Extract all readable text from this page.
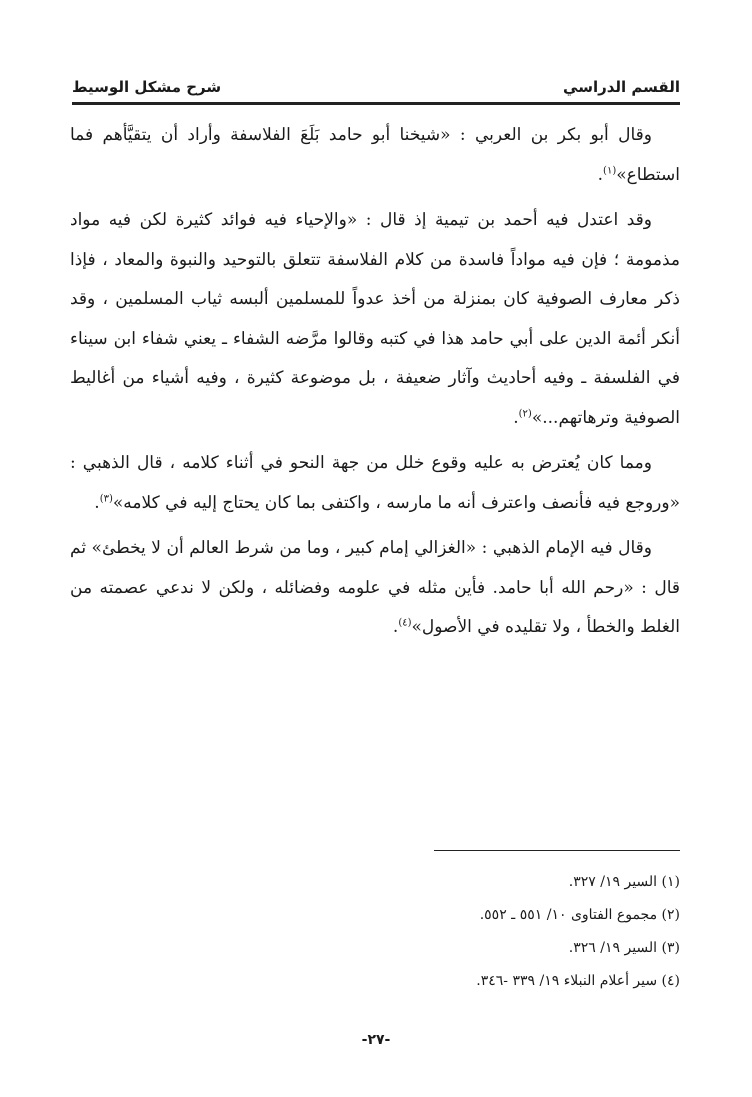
القسم الدراسي
شرح مشكل الوسيط

وقال أبو بكر بن العربي : «شيخنا أبو حامد بَلَعَ الفلاسفة وأراد أن يتقيَّأهم فما استطاع»$^{(١)}$.

وقد اعتدل فيه أحمد بن تيمية إذ قال : «والإحياء فيه فوائد كثيرة لكن فيه مواد مذمومة ؛ فإن فيه مواداً فاسدة من كلام الفلاسفة تتعلق بالتوحيد والنبوة والمعاد ، فإذا ذكر معارف الصوفية كان بمنزلة من أخذ عدواً للمسلمين ألبسه ثياب المسلمين ، وقد أنكر أئمة الدين على أبي حامد هذا في كتبه وقالوا مرَّضه الشفاء ـ يعني شفاء ابن سيناء في الفلسفة ـ وفيه أحاديث وآثار ضعيفة ، بل موضوعة كثيرة ، وفيه أشياء من أغاليط الصوفية وترهاتهم...»$^{(٢)}$.

ومما كان يُعترض به عليه وقوع خلل من جهة النحو في أثناء كلامه ، قال الذهبي : «وروجع فيه فأنصف واعترف أنه ما مارسه ، واكتفى بما كان يحتاج إليه في كلامه»$^{(٣)}$.

وقال فيه الإمام الذهبي : «الغزالي إمام كبير ، وما من شرط العالم أن لا يخطئ» ثم قال : «رحم الله أبا حامد. فأين مثله في علومه وفضائله ، ولكن لا ندعي عصمته من الغلط والخطأ ، ولا تقليده في الأصول»$^{(٤)}$.

(١) السير ١٩/ ٣٢٧.
(٢) مجموع الفتاوى ١٠/ ٥٥١ ـ ٥٥٢.
(٣) السير ١٩/ ٣٢٦.
(٤) سير أعلام النبلاء ١٩/ ٣٣٩ -٣٤٦.
-٢٧-
